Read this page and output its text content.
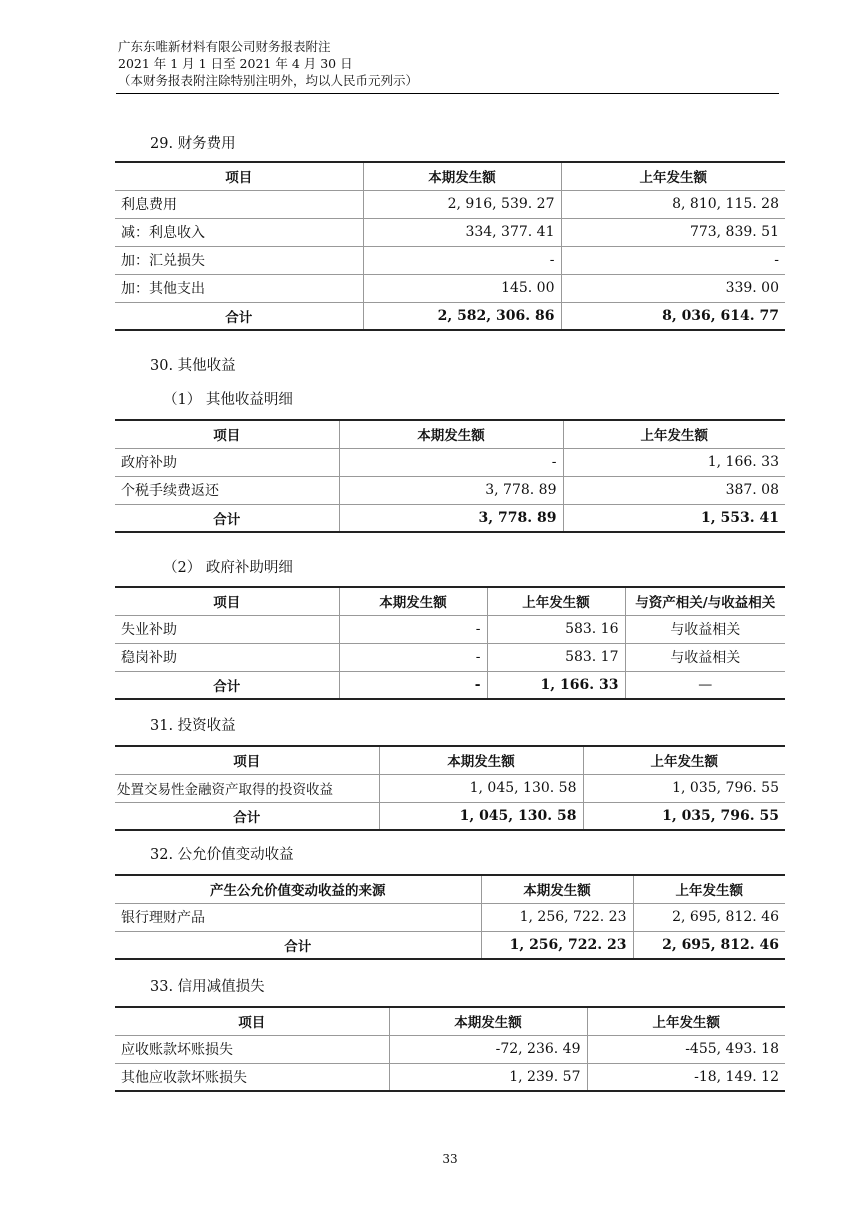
广东东唯新材料有限公司财务报表附注
2021 年 1 月 1 日至 2021 年 4 月 30 日
（本财务报表附注除特别注明外，均以人民币元列示）
29. 财务费用
项目	本期发生额	上年发生额
利息费用	2, 916, 539. 27	8, 810, 115. 28
减：利息收入	334, 377. 41	773, 839. 51
加：汇兑损失	-	-
加：其他支出	145. 00	339. 00
合计	2, 582, 306. 86	8, 036, 614. 77
30. 其他收益
（1） 其他收益明细
项目	本期发生额	上年发生额
政府补助	-	1, 166. 33
个税手续费返还	3, 778. 89	387. 08
合计	3, 778. 89	1, 553. 41
（2） 政府补助明细
项目	本期发生额	上年发生额	与资产相关/与收益相关
失业补助	-	583. 16	与收益相关
稳岗补助	-	583. 17	与收益相关
合计	-	1, 166. 33	—
31. 投资收益
项目	本期发生额	上年发生额
处置交易性金融资产取得的投资收益	1, 045, 130. 58	1, 035, 796. 55
合计	1, 045, 130. 58	1, 035, 796. 55
32. 公允价值变动收益
产生公允价值变动收益的来源	本期发生额	上年发生额
银行理财产品	1, 256, 722. 23	2, 695, 812. 46
合计	1, 256, 722. 23	2, 695, 812. 46
33. 信用减值损失
项目	本期发生额	上年发生额
应收账款坏账损失	-72, 236. 49	-455, 493. 18
其他应收款坏账损失	1, 239. 57	-18, 149. 12
33
